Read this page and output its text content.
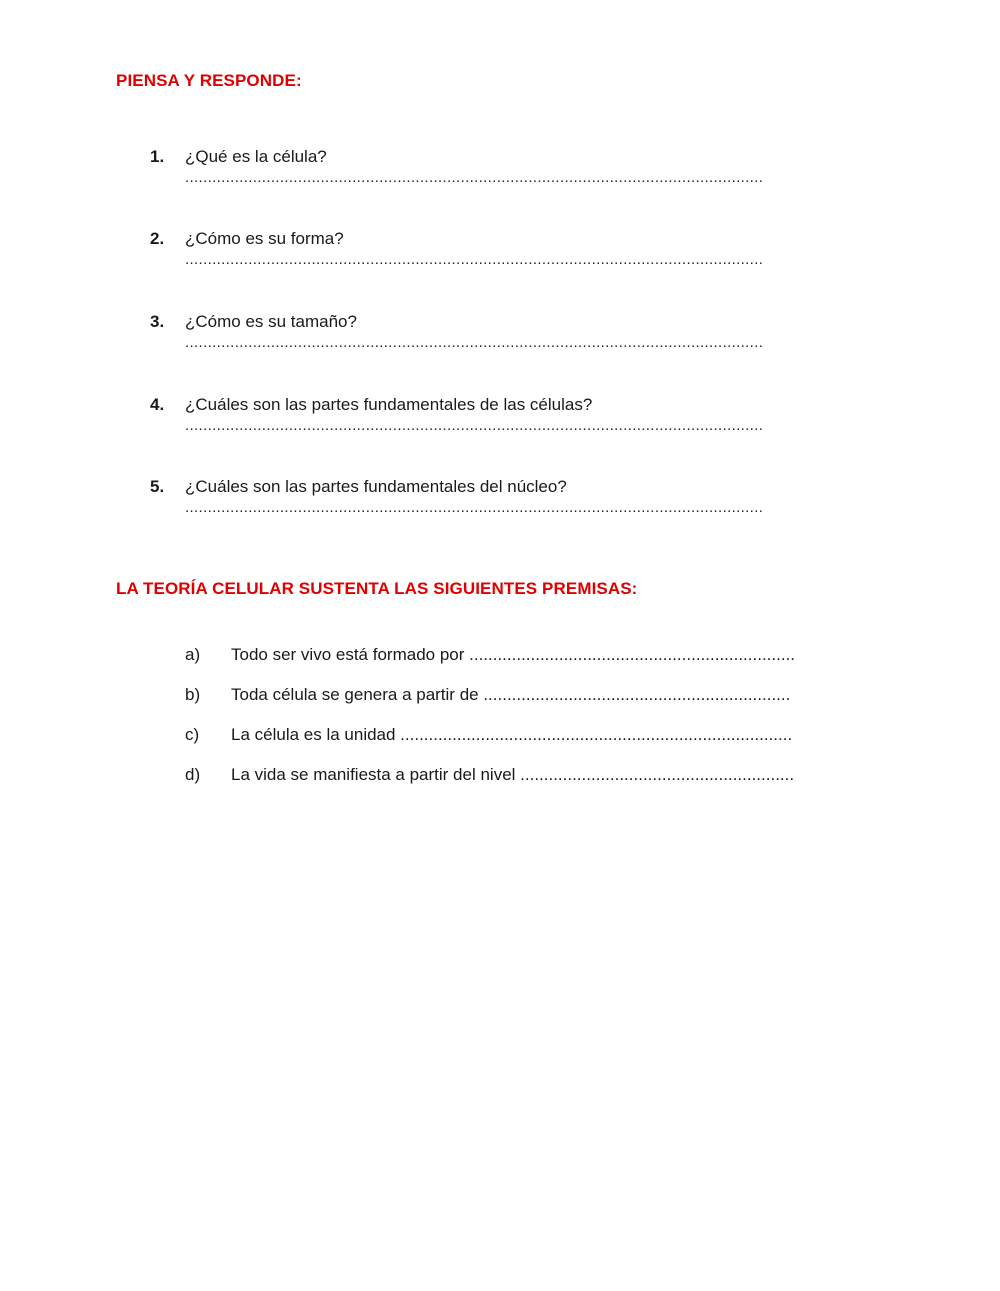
PIENSA Y RESPONDE:
1. ¿Qué es la célula?
................................................................................................................................
2. ¿Cómo es su forma?
................................................................................................................................
3. ¿Cómo es su tamaño?
................................................................................................................................
4. ¿Cuáles son las partes fundamentales de las células?
................................................................................................................................
5. ¿Cuáles son las partes fundamentales del núcleo?
................................................................................................................................
LA TEORÍA CELULAR SUSTENTA LAS SIGUIENTES PREMISAS:
a) Todo ser vivo está formado por .....................................................................
b) Toda célula se genera a partir de .................................................................
c) La célula es la unidad ...................................................................................
d) La vida se manifiesta a partir del nivel ..........................................................
